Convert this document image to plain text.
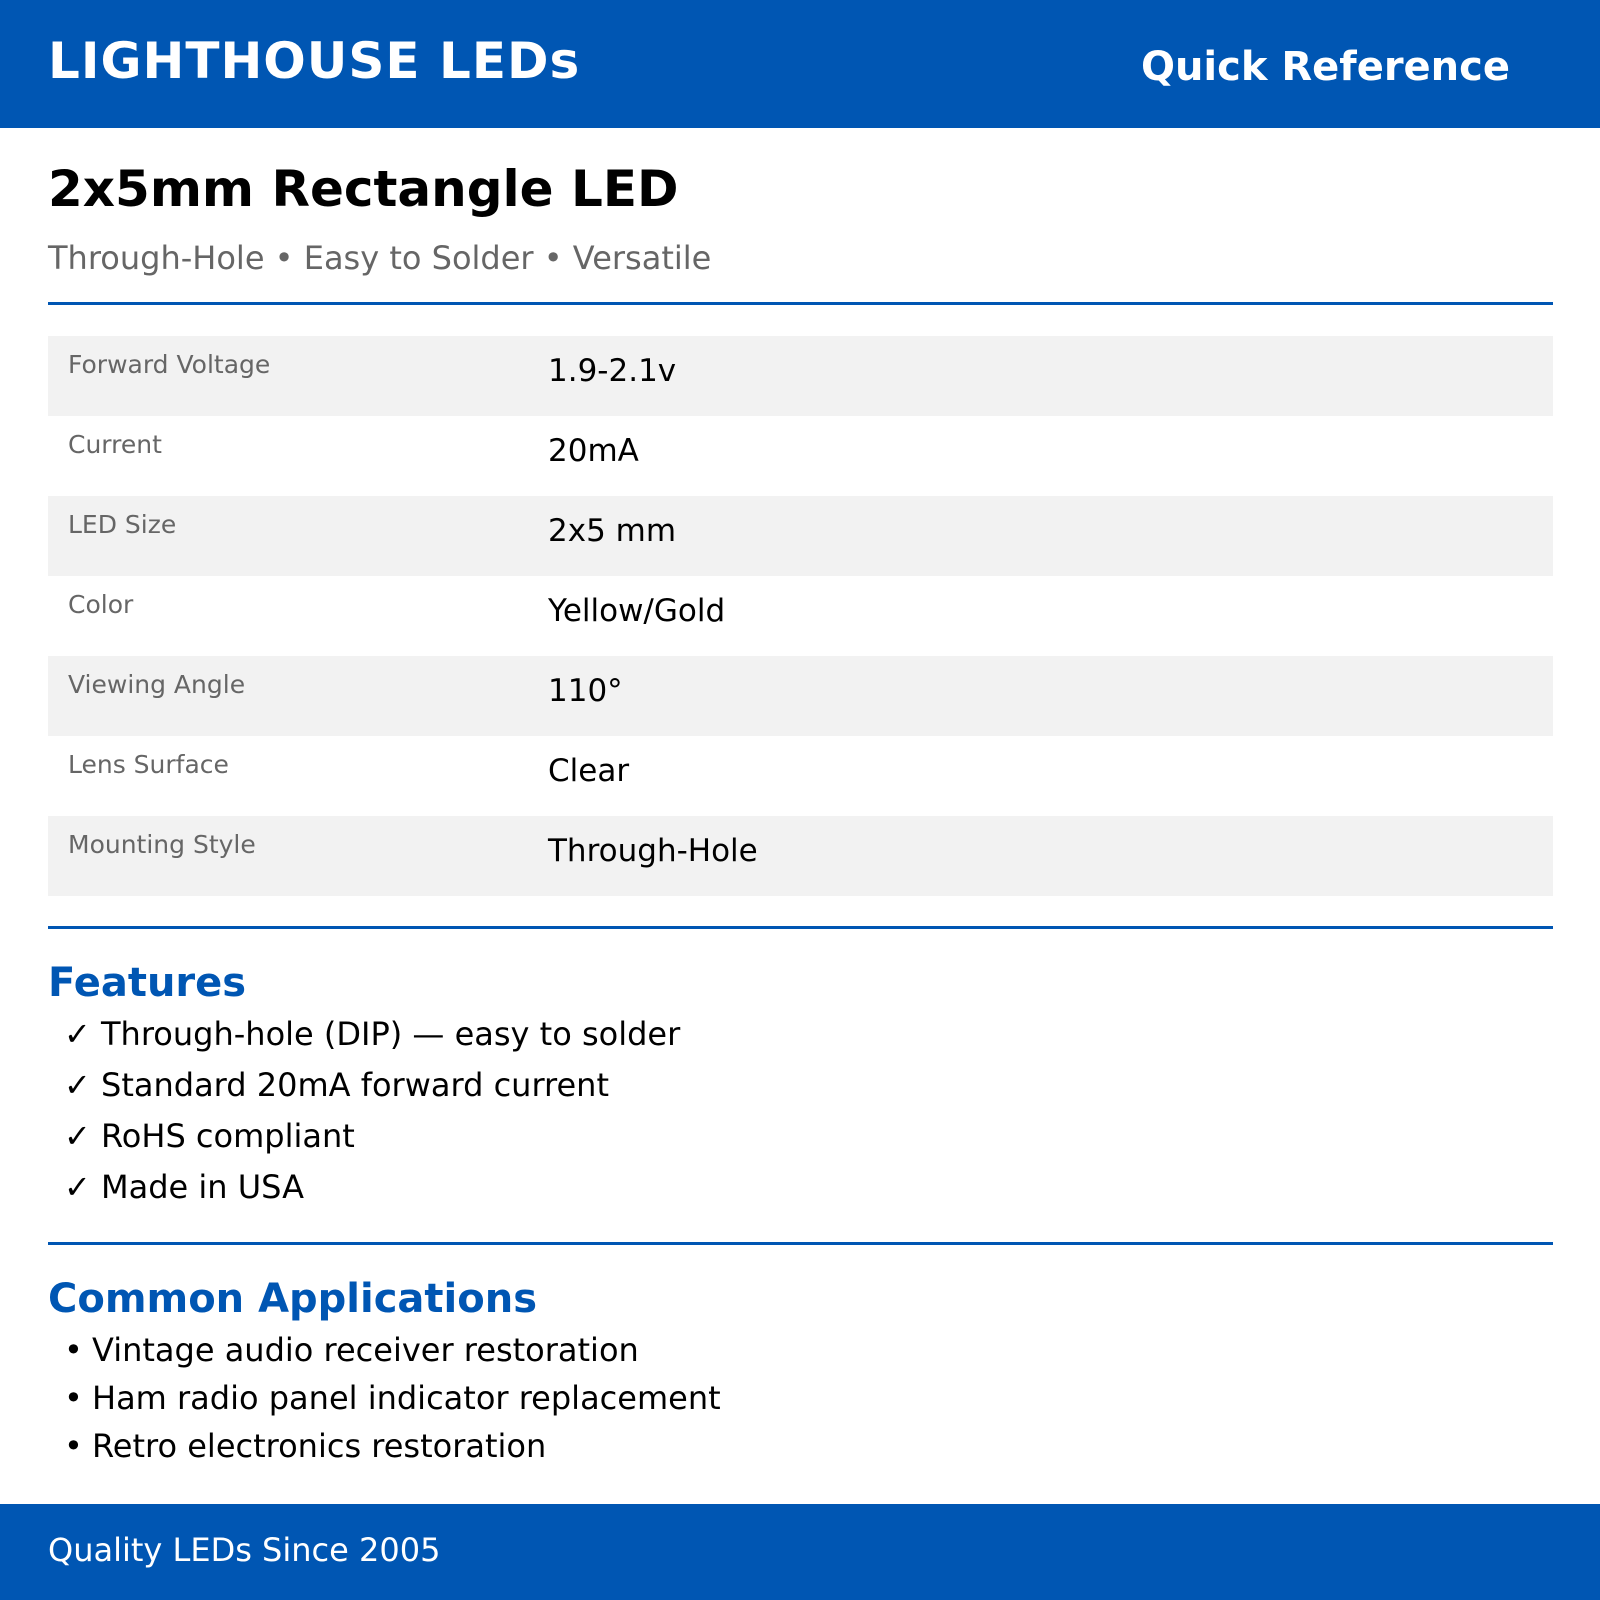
LIGHTHOUSE LEDs	Quick Reference
2x5mm Rectangle LED
Through-Hole • Easy to Solder • Versatile
Forward Voltage	1.9-2.1v
Current	20mA
LED Size	2x5 mm
Color	Yellow/Gold
Viewing Angle	110°
Lens Surface	Clear
Mounting Style	Through-Hole
Features
✓ Through-hole (DIP) — easy to solder
✓ Standard 20mA forward current
✓ RoHS compliant
✓ Made in USA
Common Applications
• Vintage audio receiver restoration
• Ham radio panel indicator replacement
• Retro electronics restoration
Quality LEDs Since 2005
